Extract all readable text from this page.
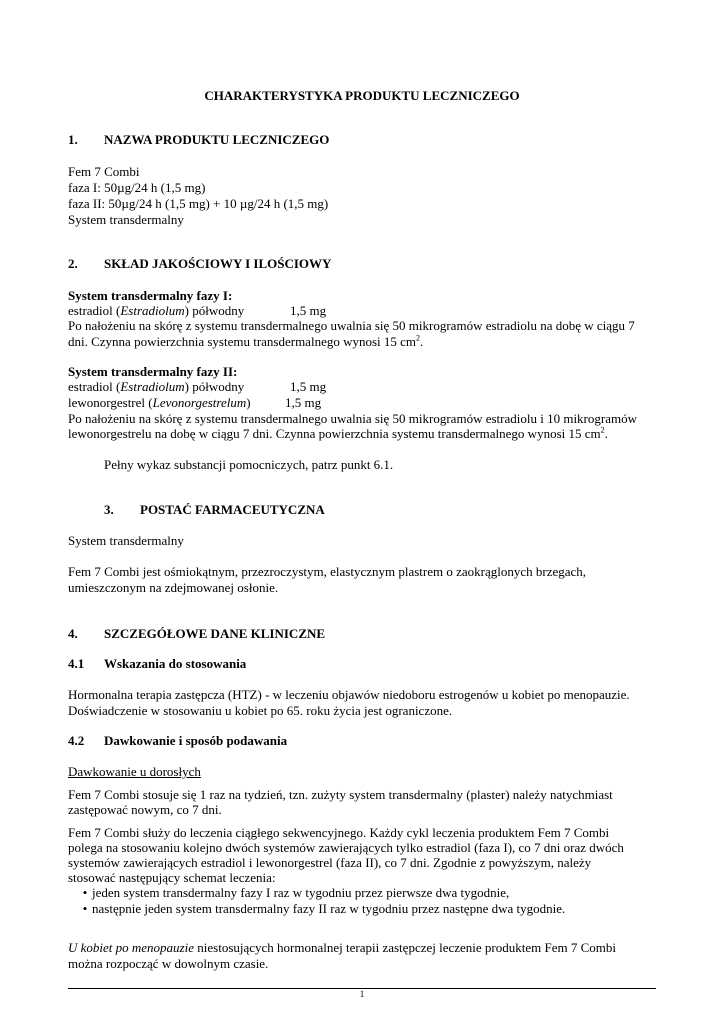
CHARAKTERYSTYKA PRODUKTU LECZNICZEGO
1. NAZWA PRODUKTU LECZNICZEGO
Fem 7 Combi
faza I: 50µg/24 h (1,5 mg)
faza II: 50µg/24 h (1,5 mg) + 10 µg/24 h (1,5 mg)
System transdermalny
2. SKŁAD JAKOŚCIOWY I ILOŚCIOWY
System transdermalny fazy I:
estradiol (Estradiolum) półwodny	1,5 mg
Po nałożeniu na skórę z systemu transdermalnego uwalnia się 50 mikrogramów estradiolu na dobę w ciągu 7
dni. Czynna powierzchnia systemu transdermalnego wynosi 15 $cm^2$.
System transdermalny fazy II:
estradiol (Estradiolum) półwodny	1,5 mg
lewonorgestrel (Levonorgestrelum)	1,5 mg
Po nałożeniu na skórę z systemu transdermalnego uwalnia się 50 mikrogramów estradiolu i 10 mikrogramów
lewonorgestrelu na dobę w ciągu 7 dni. Czynna powierzchnia systemu transdermalnego wynosi 15 $cm^2$.
Pełny wykaz substancji pomocniczych, patrz punkt 6.1.
3. POSTAĆ FARMACEUTYCZNA
System transdermalny
Fem 7 Combi jest ośmiokątnym, przezroczystym, elastycznym plastrem o zaokrąglonych brzegach,
umieszczonym na zdejmowanej osłonie.
4. SZCZEGÓŁOWE DANE KLINICZNE
4.1 Wskazania do stosowania
Hormonalna terapia zastępcza (HTZ) - w leczeniu objawów niedoboru estrogenów u kobiet po menopauzie.
Doświadczenie w stosowaniu u kobiet po 65. roku życia jest ograniczone.
4.2 Dawkowanie i sposób podawania
Dawkowanie u dorosłych
Fem 7 Combi stosuje się 1 raz na tydzień, tzn. zużyty system transdermalny (plaster) należy natychmiast
zastępować nowym, co 7 dni.
Fem 7 Combi służy do leczenia ciągłego sekwencyjnego. Każdy cykl leczenia produktem Fem 7 Combi
polega na stosowaniu kolejno dwóch systemów zawierających tylko estradiol (faza I), co 7 dni oraz dwóch
systemów zawierających estradiol i lewonorgestrel (faza II), co 7 dni. Zgodnie z powyższym, należy
stosować następujący schemat leczenia:
• jeden system transdermalny fazy I raz w tygodniu przez pierwsze dwa tygodnie,
• następnie jeden system transdermalny fazy II raz w tygodniu przez następne dwa tygodnie.
U kobiet po menopauzie niestosujących hormonalnej terapii zastępczej leczenie produktem Fem 7 Combi
można rozpocząć w dowolnym czasie.
1
